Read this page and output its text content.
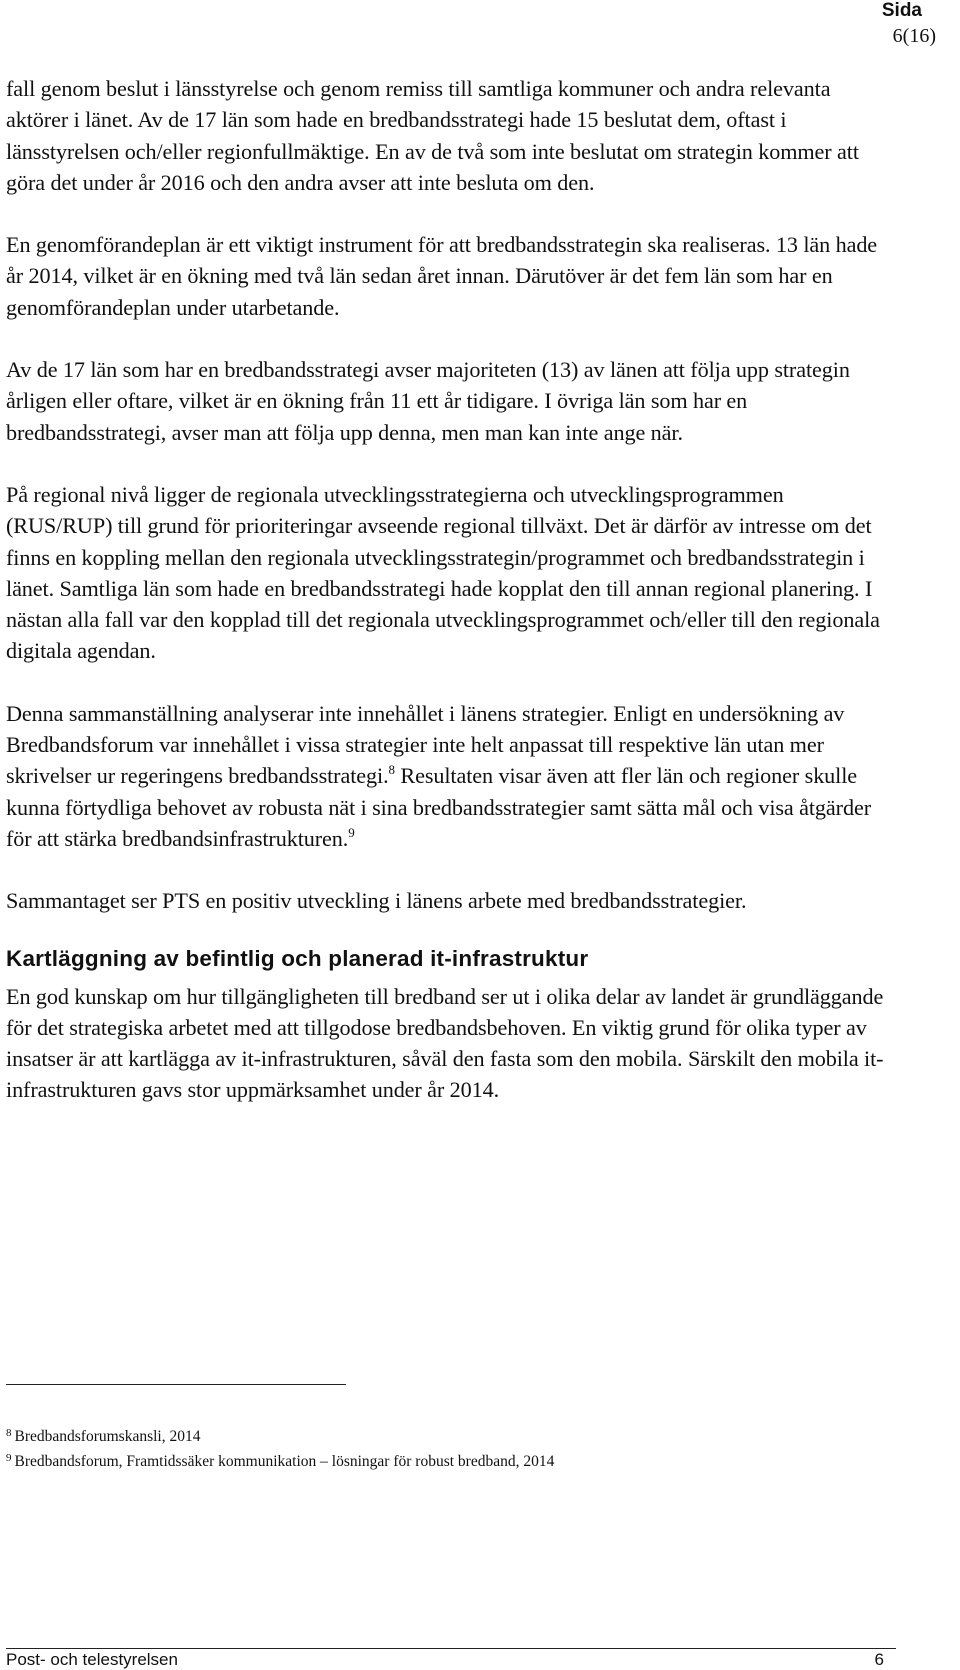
Sida
6(16)

fall genom beslut i länsstyrelse och genom remiss till samtliga kommuner och andra relevanta aktörer i länet. Av de 17 län som hade en bredbandsstrategi hade 15 beslutat dem, oftast i länsstyrelsen och/eller regionfullmäktige. En av de två som inte beslutat om strategin kommer att göra det under år 2016 och den andra avser att inte besluta om den.

En genomförandeplan är ett viktigt instrument för att bredbandsstrategin ska realiseras. 13 län hade år 2014, vilket är en ökning med två län sedan året innan. Därutöver är det fem län som har en genomförandeplan under utarbetande.

Av de 17 län som har en bredbandsstrategi avser majoriteten (13) av länen att följa upp strategin årligen eller oftare, vilket är en ökning från 11 ett år tidigare. I övriga län som har en bredbandsstrategi, avser man att följa upp denna, men man kan inte ange när.

På regional nivå ligger de regionala utvecklingsstrategierna och utvecklingsprogrammen (RUS/RUP) till grund för prioriteringar avseende regional tillväxt. Det är därför av intresse om det finns en koppling mellan den regionala utvecklingsstrategin/programmet och bredbandsstrategin i länet. Samtliga län som hade en bredbandsstrategi hade kopplat den till annan regional planering. I nästan alla fall var den kopplad till det regionala utvecklingsprogrammet och/eller till den regionala digitala agendan.

Denna sammanställning analyserar inte innehållet i länens strategier. Enligt en undersökning av Bredbandsforum var innehållet i vissa strategier inte helt anpassat till respektive län utan mer skrivelser ur regeringens bredbandsstrategi.$^8$ Resultaten visar även att fler län och regioner skulle kunna förtydliga behovet av robusta nät i sina bredbandsstrategier samt sätta mål och visa åtgärder för att stärka bredbandsinfrastrukturen.$^9$

Sammantaget ser PTS en positiv utveckling i länens arbete med bredbandsstrategier.

Kartläggning av befintlig och planerad it-infrastruktur

En god kunskap om hur tillgängligheten till bredband ser ut i olika delar av landet är grundläggande för det strategiska arbetet med att tillgodose bredbandsbehoven. En viktig grund för olika typer av insatser är att kartlägga av it-infrastrukturen, såväl den fasta som den mobila. Särskilt den mobila it-infrastrukturen gavs stor uppmärksamhet under år 2014.

$^8$ Bredbandsforumskansli, 2014
$^9$ Bredbandsforum, Framtidssäker kommunikation – lösningar för robust bredband, 2014
Post- och telestyrelsen	6
